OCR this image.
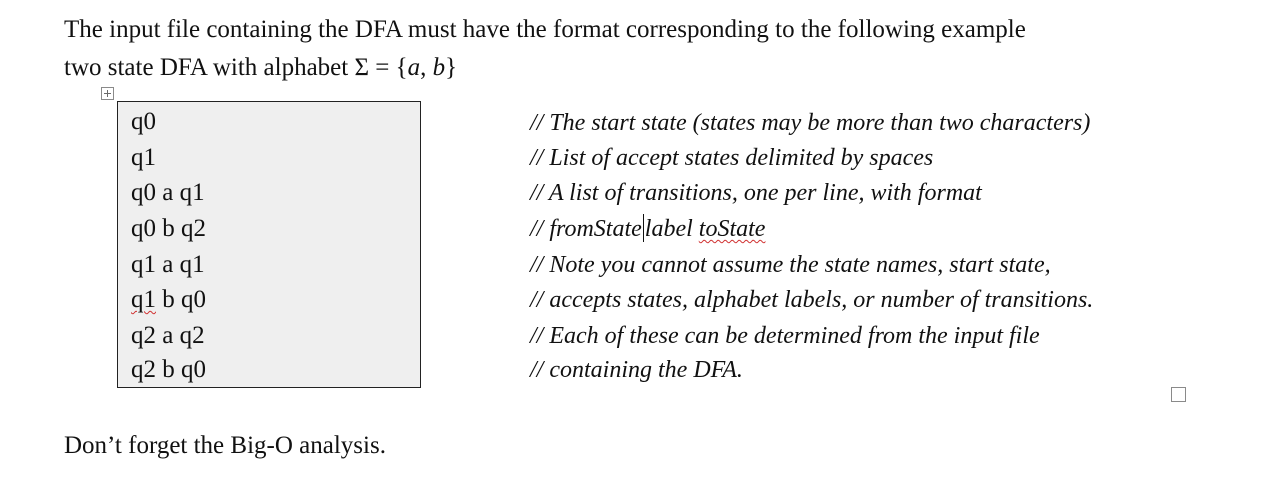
The input file containing the DFA must have the format corresponding to the following example
two state DFA with alphabet Σ = {a, b}
q0
q1
q0 a q1
q0 b q2
q1 a q1
q1 b q0
q2 a q2
q2 b q0
// The start state (states may be more than two characters)
// List of accept states delimited by spaces
// A list of transitions, one per line, with format
// fromState label toState
// Note you cannot assume the state names, start state,
// accepts states, alphabet labels, or number of transitions.
// Each of these can be determined from the input file
// containing the DFA.
Don’t forget the Big-O analysis.
